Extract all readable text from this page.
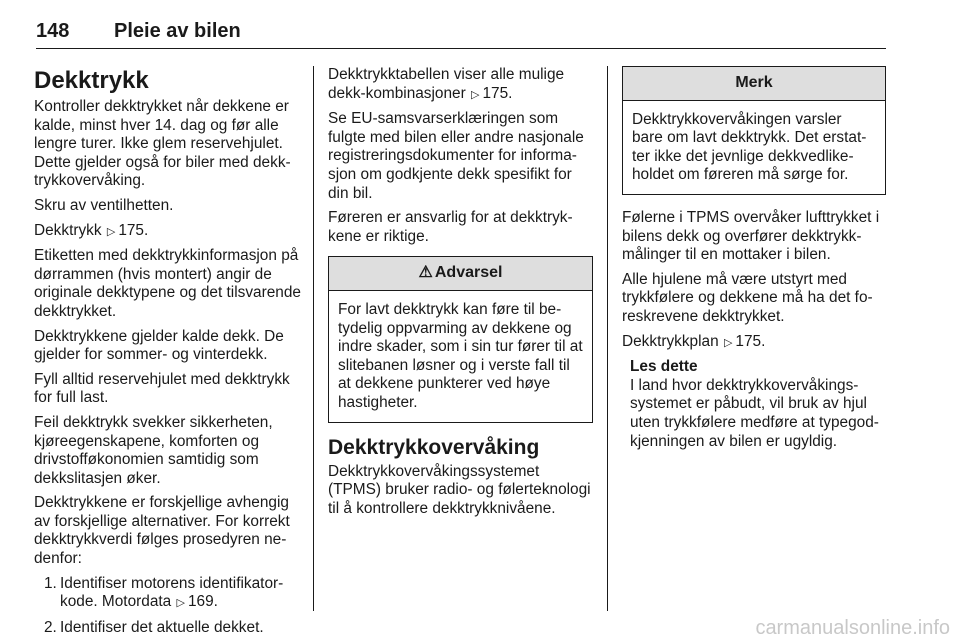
148 Pleie av bilen
Dekktrykk

Kontroller dekktrykket når dekkene er kalde, minst hver 14. dag og før alle lengre turer. Ikke glem reservehjulet. Dette gjelder også for biler med dekktrykkovervåking.

Skru av ventilhetten.

Dekktrykk ▷ 175.

Etiketten med dekktrykkinformasjon på dørrammen (hvis montert) angir de originale dekktypene og det tilsvarende dekktrykket.

Dekktrykkene gjelder kalde dekk. De gjelder for sommer- og vinterdekk.

Fyll alltid reservehjulet med dekktrykk for full last.

Feil dekktrykk svekker sikkerheten, kjøreegenskapene, komforten og drivstofføkonomien samtidig som dekkslitasjen øker.

Dekktrykkene er forskjellige avhengig av forskjellige alternativer. For korrekt dekktrykkverdi følges prosedyren nedenfor:

1. Identifiser motorens identifikatorkode. Motordata ▷ 169.
2. Identifiser det aktuelle dekket.

Dekktrykktabellen viser alle mulige dekk-kombinasjoner ▷ 175.

Se EU-samsvarserklæringen som fulgte med bilen eller andre nasjonale registreringsdokumenter for informasjon om godkjente dekk spesifikt for din bil.

Føreren er ansvarlig for at dekktrykkene er riktige.

⚠ Advarsel
For lavt dekktrykk kan føre til betydelig oppvarming av dekkene og indre skader, som i sin tur fører til at slitebanen løsner og i verste fall til at dekkene punkterer ved høye hastigheter.
Dekktrykkovervåking

Dekktrykkovervåkingssystemet (TPMS) bruker radio- og følerteknologi til å kontrollere dekktrykknivåene.

Merk
Dekktrykkovervåkingen varsler bare om lavt dekktrykk. Det erstatter ikke det jevnlige dekkvedlikeholdet om føreren må sørge for.

Følerne i TPMS overvåker lufttrykket i bilens dekk og overfører dekktrykkmålinger til en mottaker i bilen.

Alle hjulene må være utstyrt med trykkfølere og dekkene må ha det foreskrevene dekktrykket.

Dekktrykkplan ▷ 175.

Les dette
I land hvor dekktrykkovervåkingssystemet er påbudt, vil bruk av hjul uten trykkfølere medføre at typegodkjenningen av bilen er ugyldig.
carmanualsonline.info
